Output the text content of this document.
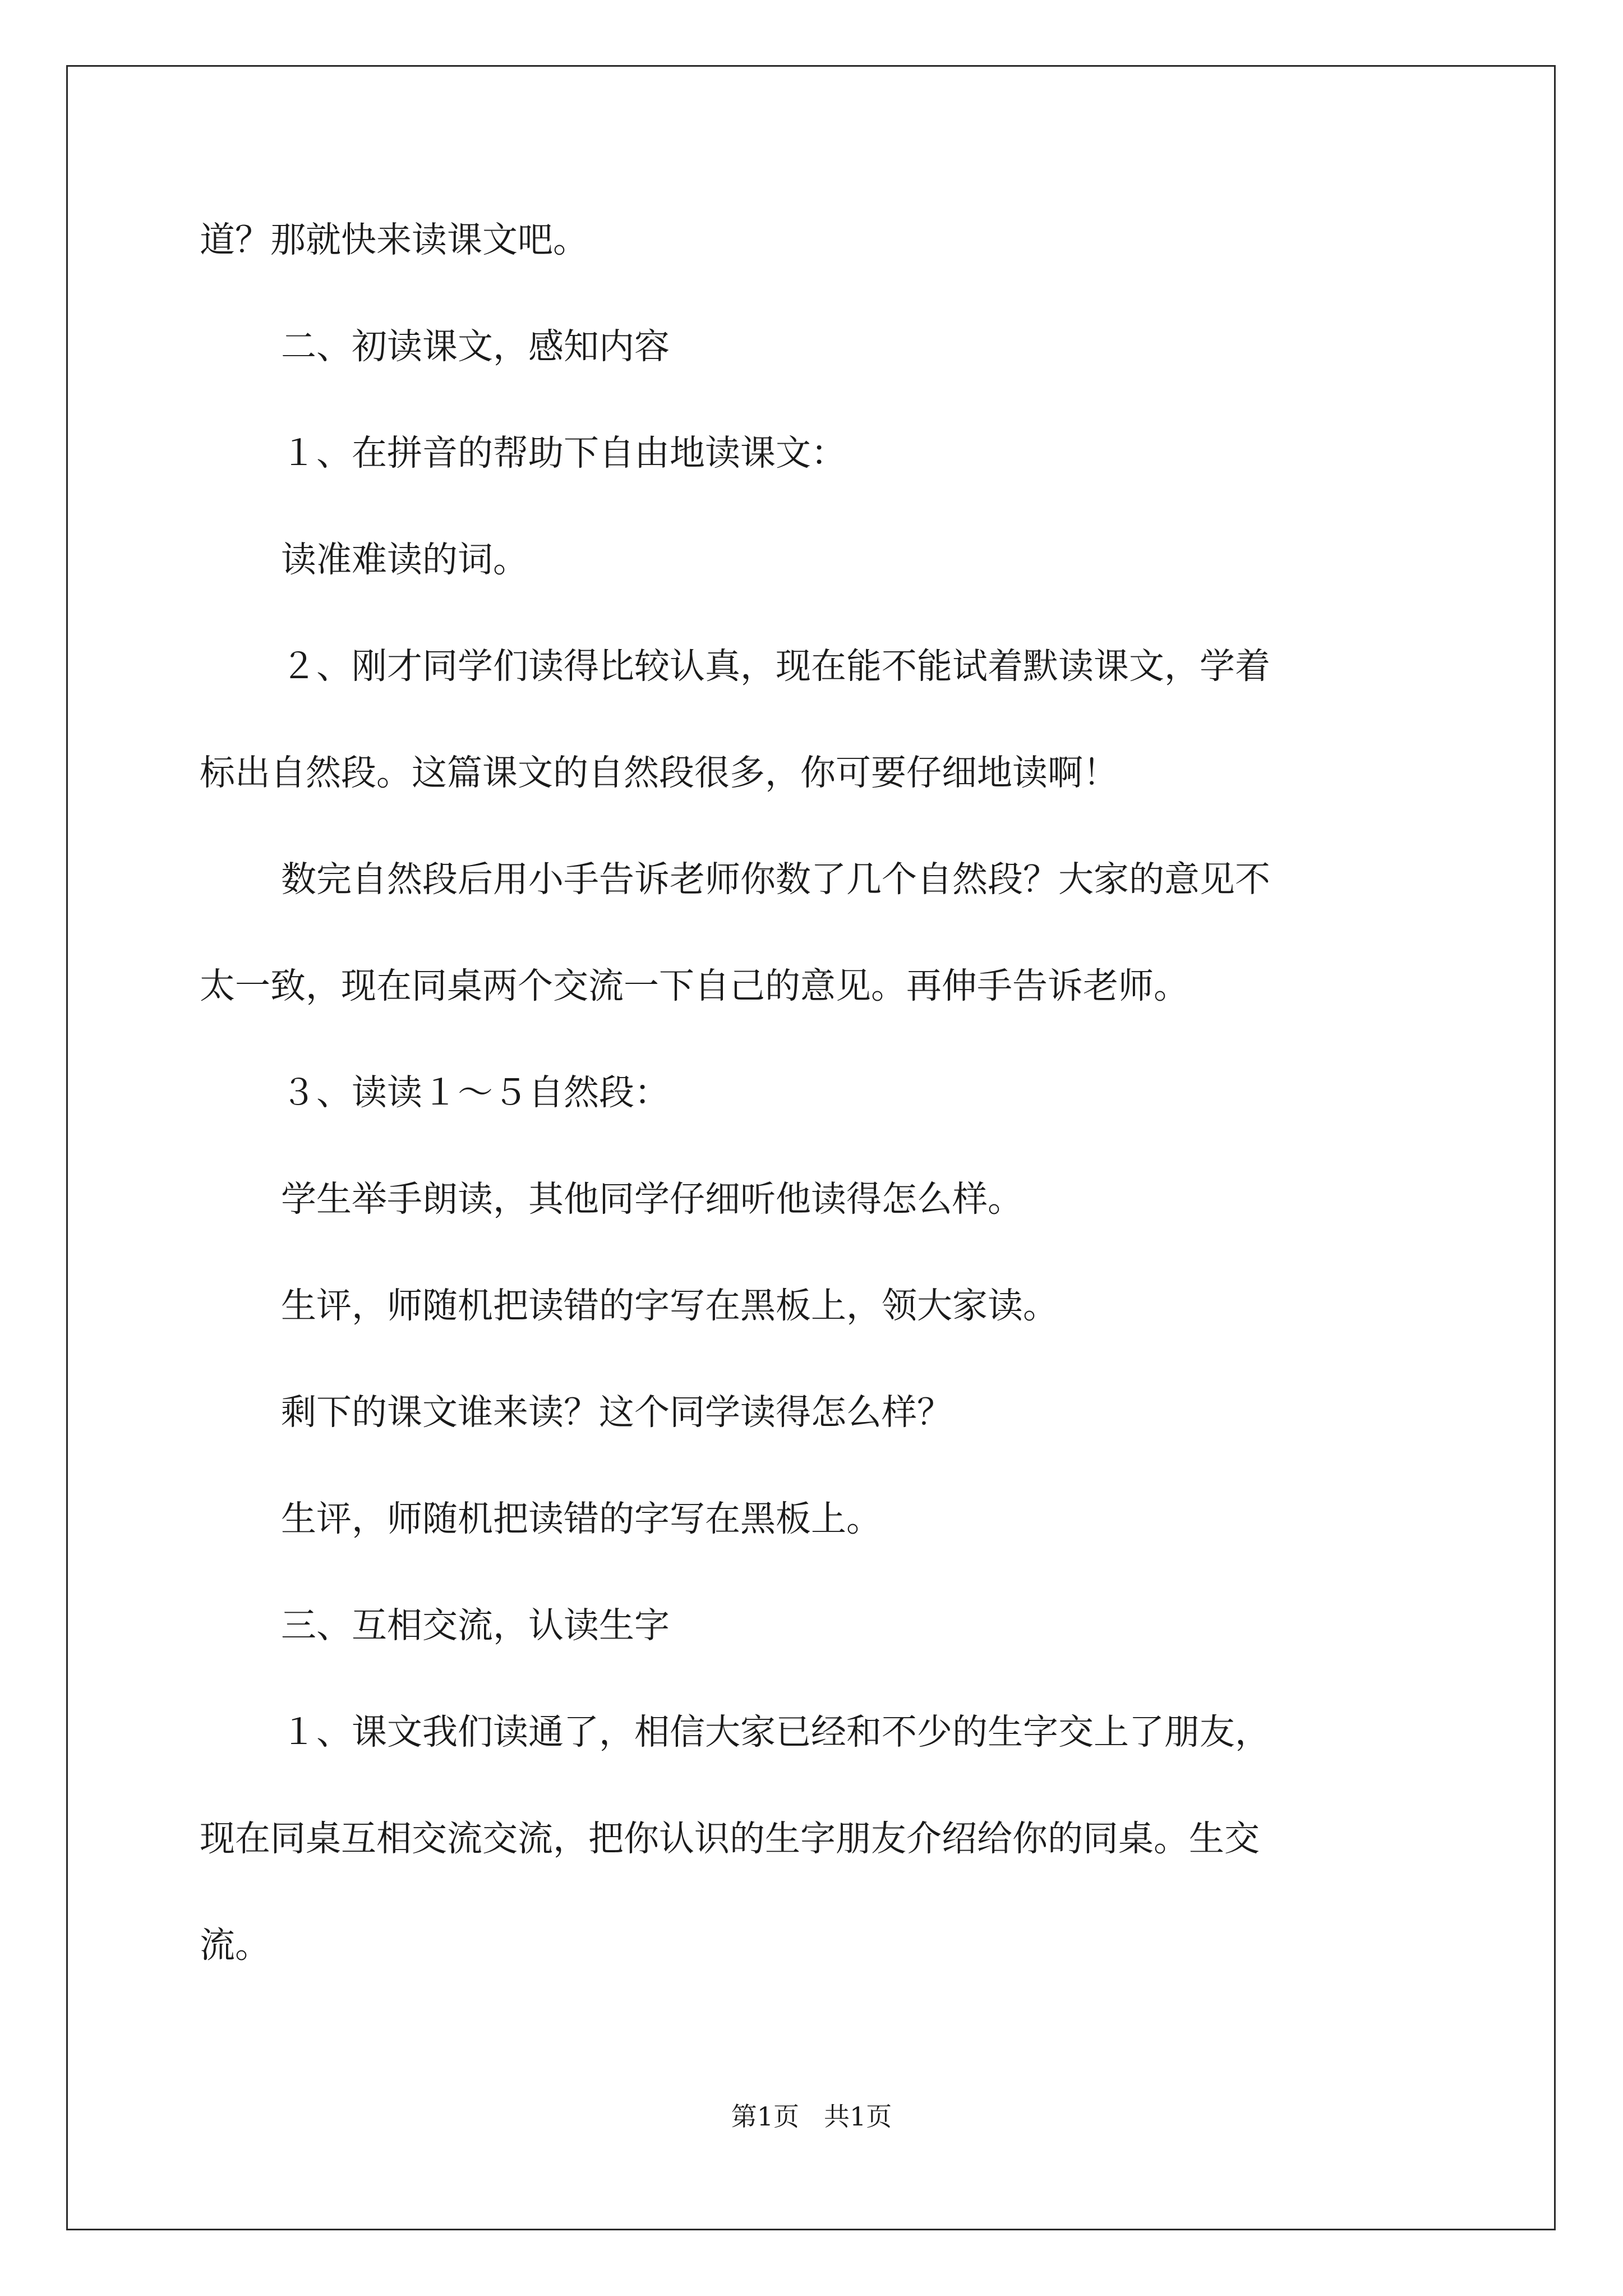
道？那就快来读课文吧。

二、初读课文，感知内容

１、在拼音的帮助下自由地读课文：

读准难读的词。

２、刚才同学们读得比较认真，现在能不能试着默读课文，学着

标出自然段。这篇课文的自然段很多，你可要仔细地读啊！

数完自然段后用小手告诉老师你数了几个自然段？大家的意见不

太一致，现在同桌两个交流一下自己的意见。再伸手告诉老师。

３、读读１～５自然段：

学生举手朗读，其他同学仔细听他读得怎么样。

生评，师随机把读错的字写在黑板上，领大家读。

剩下的课文谁来读？这个同学读得怎么样？

生评，师随机把读错的字写在黑板上。

三、互相交流，认读生字

１、课文我们读通了，相信大家已经和不少的生字交上了朋友，

现在同桌互相交流交流，把你认识的生字朋友介绍给你的同桌。生交

流。

第1页 共1页
